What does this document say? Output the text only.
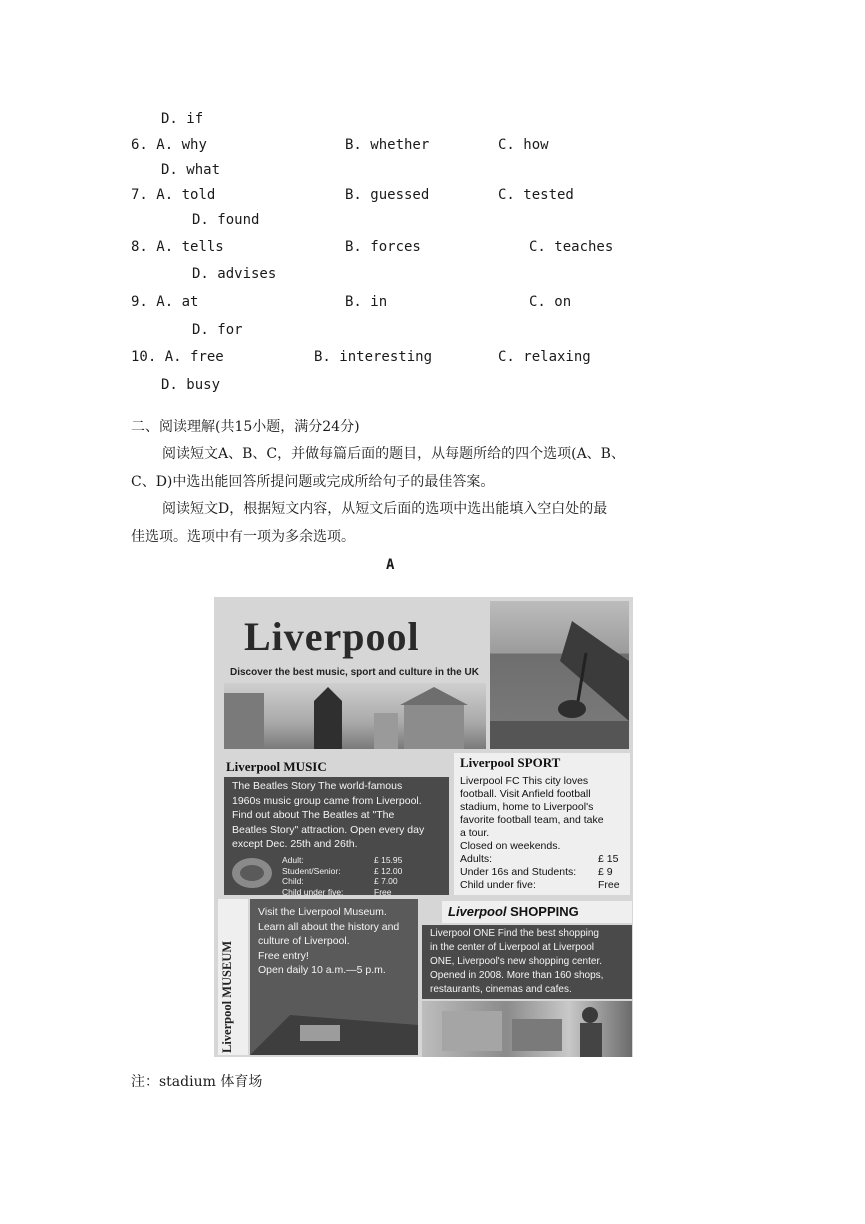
D. if
6. A. why	B. whether	C. how
D. what
7. A. told	B. guessed	C. tested
D. found
8. A. tells	B. forces	C. teaches
D. advises
9. A. at	B. in	C. on
D. for
10. A. free	B. interesting	C. relaxing
D. busy
二、阅读理解(共15小题，满分24分)
阅读短文A、B、C，并做每篇后面的题目，从每题所给的四个选项(A、B、
C、D)中选出能回答所提问题或完成所给句子的最佳答案。
阅读短文D，根据短文内容，从短文后面的选项中选出能填入空白处的最
佳选项。选项中有一项为多余选项。
A
Liverpool
Discover the best music, sport and culture in the UK
Liverpool MUSIC
The Beatles Story The world-famous
1960s music group came from Liverpool.
Find out about The Beatles at "The
Beatles Story" attraction. Open every day
except Dec. 25th and 26th.
Adult:	£ 15.95
Student/Senior:	£ 12.00
Child:	£ 7.00
Child under five:	Free
Liverpool SPORT
Liverpool FC This city loves
football. Visit Anfield football
stadium, home to Liverpool's
favorite football team, and take
a tour.
Closed on weekends.
Adults:	£ 15
Under 16s and Students:	£ 9
Child under five:	Free
Liverpool MUSEUM
Visit the Liverpool Museum.
Learn all about the history and
culture of Liverpool.
Free entry!
Open daily 10 a.m.—5 p.m.
Liverpool SHOPPING
Liverpool ONE Find the best shopping
in the center of Liverpool at Liverpool
ONE, Liverpool's new shopping center.
Opened in 2008. More than 160 shops,
restaurants, cinemas and cafes.
注：stadium 体育场
